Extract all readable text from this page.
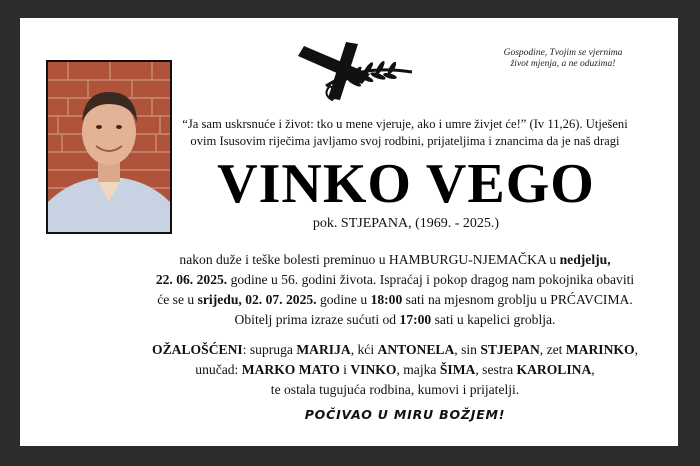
Gospodine, Tvojim se vjernima
život mjenja, a ne oduzima!
“Ja sam uskrsnuće i život: tko u mene vjeruje, ako i umre živjet će!” (Iv 11,26). Utješeni
ovim Isusovim riječima javljamo svoj rodbini, prijateljima i znancima da je naš dragi
VINKO VEGO
pok. STJEPANA, (1969. - 2025.)
nakon duže i teške bolesti preminuo u HAMBURGU-NJEMAČKA u nedjelju,
22. 06. 2025. godine u 56. godini života. Ispraćaj i pokop dragog nam pokojnika obaviti
će se u srijedu, 02. 07. 2025. godine u 18:00 sati na mjesnom groblju u PRĆAVCIMA.
Obitelj prima izraze sućuti od 17:00 sati u kapelici groblja.
OŽALOŠĆENI: supruga MARIJA, kći ANTONELA, sin STJEPAN, zet MARINKO,
unučad: MARKO MATO i VINKO, majka ŠIMA, sestra KAROLINA,
te ostala tugujuća rodbina, kumovi i prijatelji.
POČIVAO U MIRU BOŽJEM!
